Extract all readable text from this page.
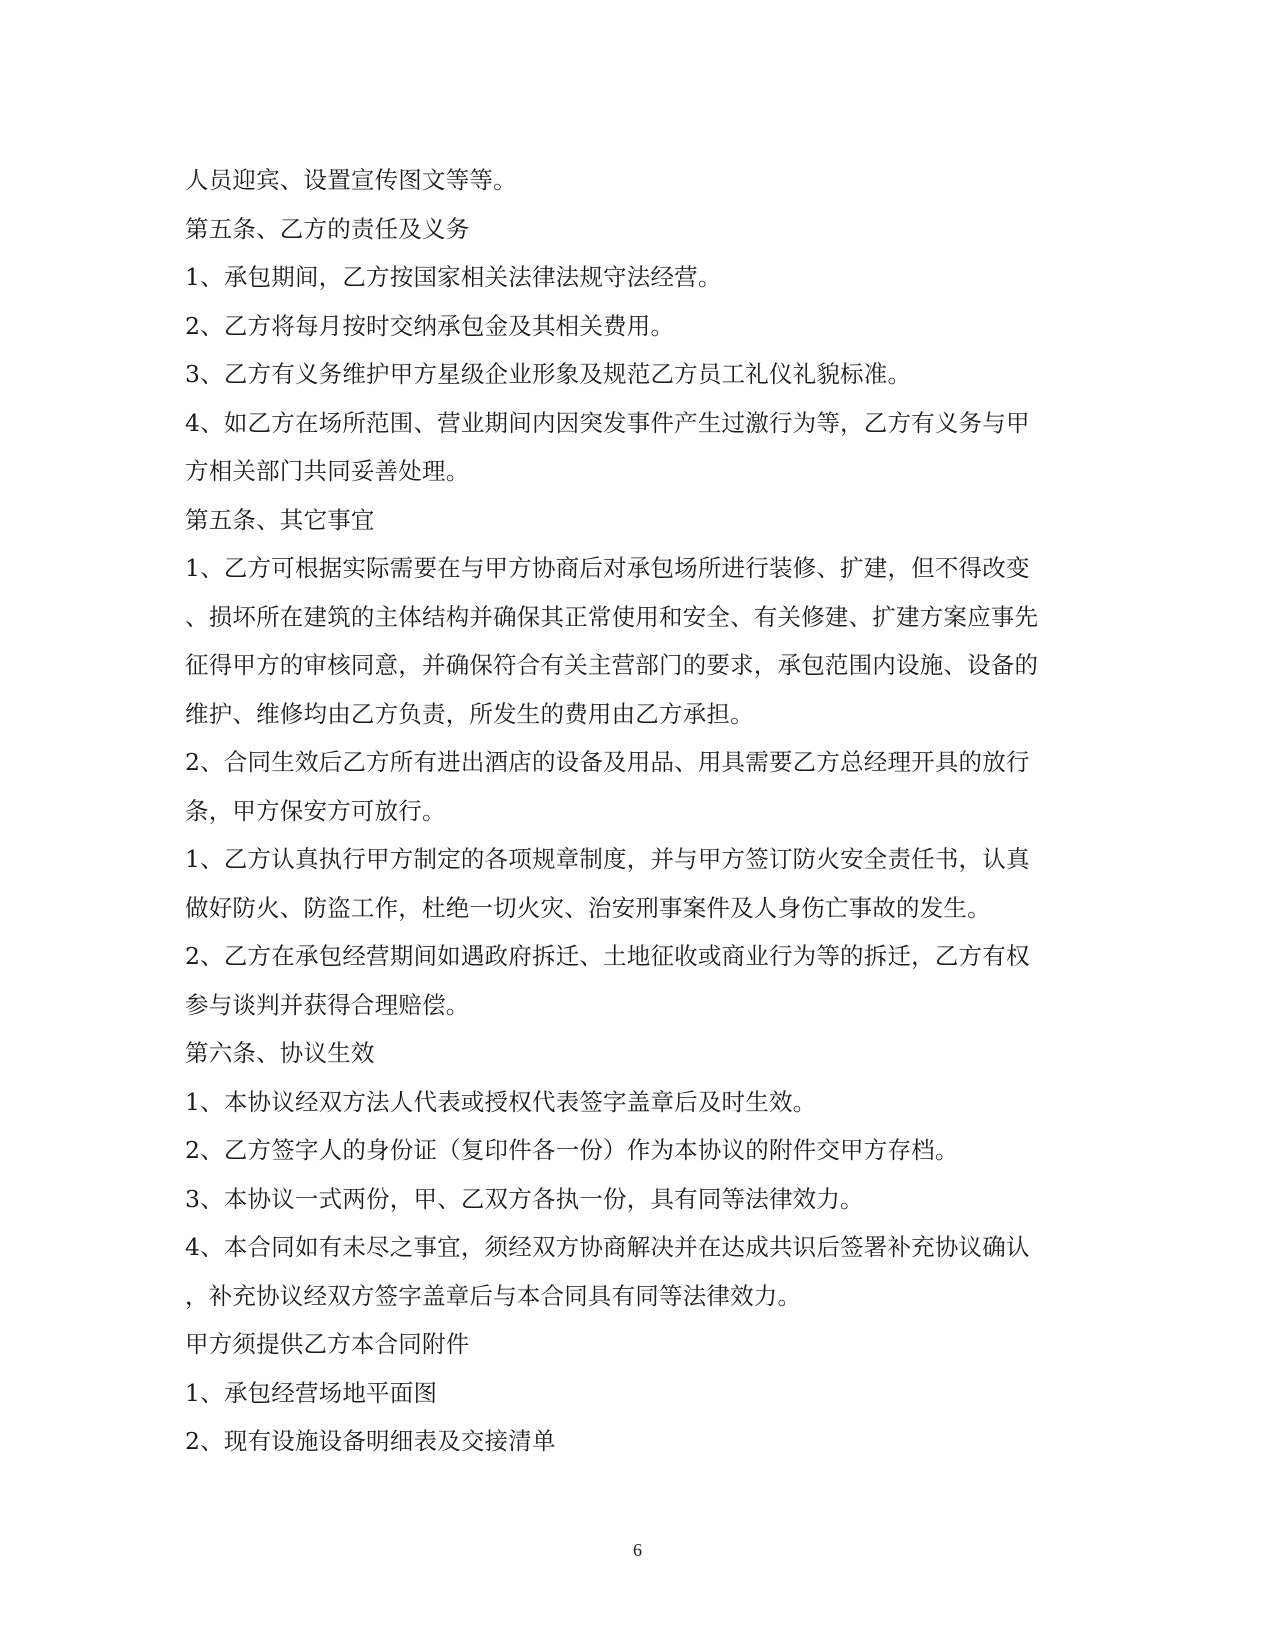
人员迎宾、设置宣传图文等等。
第五条、乙方的责任及义务
1、承包期间，乙方按国家相关法律法规守法经营。
2、乙方将每月按时交纳承包金及其相关费用。
3、乙方有义务维护甲方星级企业形象及规范乙方员工礼仪礼貌标准。
4、如乙方在场所范围、营业期间内因突发事件产生过激行为等，乙方有义务与甲
方相关部门共同妥善处理。
第五条、其它事宜
1、乙方可根据实际需要在与甲方协商后对承包场所进行装修、扩建，但不得改变
、损坏所在建筑的主体结构并确保其正常使用和安全、有关修建、扩建方案应事先
征得甲方的审核同意，并确保符合有关主营部门的要求，承包范围内设施、设备的
维护、维修均由乙方负责，所发生的费用由乙方承担。
2、合同生效后乙方所有进出酒店的设备及用品、用具需要乙方总经理开具的放行
条，甲方保安方可放行。
1、乙方认真执行甲方制定的各项规章制度，并与甲方签订防火安全责任书，认真
做好防火、防盗工作，杜绝一切火灾、治安刑事案件及人身伤亡事故的发生。
2、乙方在承包经营期间如遇政府拆迁、土地征收或商业行为等的拆迁，乙方有权
参与谈判并获得合理赔偿。
第六条、协议生效
1、本协议经双方法人代表或授权代表签字盖章后及时生效。
2、乙方签字人的身份证（复印件各一份）作为本协议的附件交甲方存档。
3、本协议一式两份，甲、乙双方各执一份，具有同等法律效力。
4、本合同如有未尽之事宜，须经双方协商解决并在达成共识后签署补充协议确认
，补充协议经双方签字盖章后与本合同具有同等法律效力。
甲方须提供乙方本合同附件
1、承包经营场地平面图
2、现有设施设备明细表及交接清单
6
